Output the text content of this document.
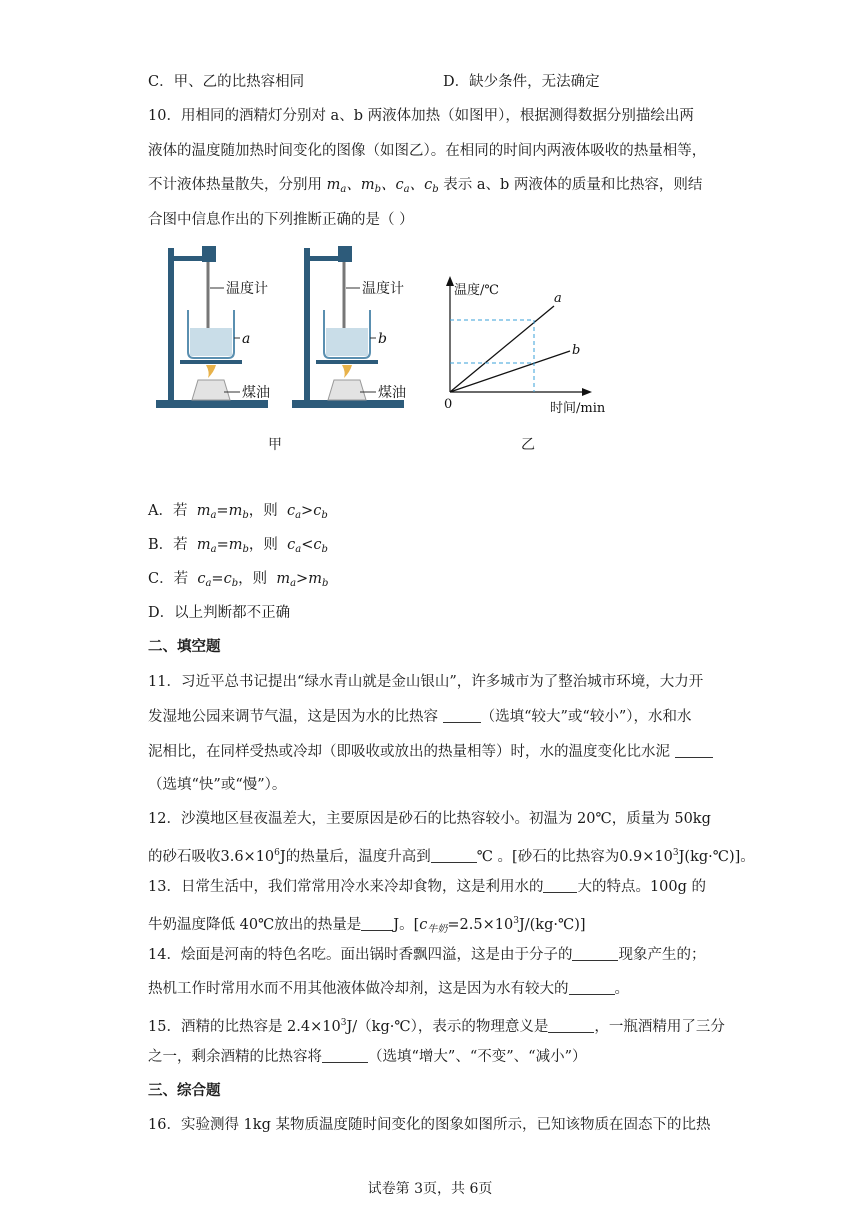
C．甲、乙的比热容相同	D．缺少条件，无法确定
10．用相同的酒精灯分别对 a、b 两液体加热（如图甲），根据测得数据分别描绘出两
液体的温度随加热时间变化的图像（如图乙）。在相同的时间内两液体吸收的热量相等，
不计液体热量散失，分别用 $m_a$、$m_b$、$c_a$、$c_b$ 表示 a、b 两液体的质量和比热容，则结
合图中信息作出的下列推断正确的是（ ）
温度计
a
煤油
温度计
b
煤油
温度/℃
时间/min
0
a
b
甲	乙
A．若 $m_a=m_b$，则 $c_a>c_b$
B．若 $m_a=m_b$，则 $c_a<c_b$
C．若 $c_a=c_b$，则 $m_a>m_b$
D．以上判断都不正确
二、填空题
11．习近平总书记提出“绿水青山就是金山银山”，许多城市为了整治城市环境，大力开
发湿地公园来调节气温，这是因为水的比热容	（选填“较大”或“较小”），水和水
泥相比，在同样受热或冷却（即吸收或放出的热量相等）时，水的温度变化比水泥
（选填“快”或“慢”）。
12．沙漠地区昼夜温差大，主要原因是砂石的比热容较小。初温为 20℃，质量为 50kg
的砂石吸收$3.6\times 10^6J$的热量后，温度升高到	℃ 。[砂石的比热容为$0.9\times 10^3J(kg\cdot℃)$]。
13．日常生活中，我们常常用冷水来冷却食物，这是利用水的 大的特点。100g 的
牛奶温度降低 40℃放出的热量是 J。$[c_{牛奶}=2.5\times 10^3J/(kg\cdot℃)]$
14．烩面是河南的特色名吃。面出锅时香飘四溢，这是由于分子的	现象产生的；
热机工作时常用水而不用其他液体做冷却剂，这是因为水有较大的	。
15．酒精的比热容是 $2.4\times 10^3J/(kg\cdot℃)$，表示的物理意义是	，一瓶酒精用了三分
之一，剩余酒精的比热容将	（选填“增大”、“不变”、“减小”）
三、综合题
16．实验测得 1kg 某物质温度随时间变化的图象如图所示，已知该物质在固态下的比热
试卷第 3页，共 6页
